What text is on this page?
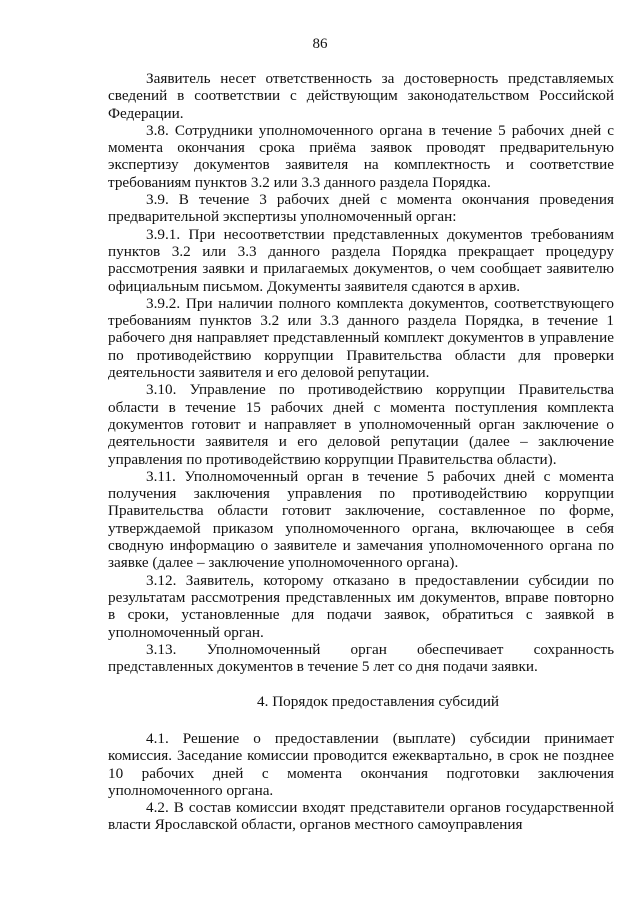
86

Заявитель несет ответственность за достоверность представляемых сведений в соответствии с действующим законодательством Российской Федерации.

3.8. Сотрудники уполномоченного органа в течение 5 рабочих дней с момента окончания срока приёма заявок проводят предварительную экспертизу документов заявителя на комплектность и соответствие требованиям пунктов 3.2 или 3.3 данного раздела Порядка.

3.9. В течение 3 рабочих дней с момента окончания проведения предварительной экспертизы уполномоченный орган:

3.9.1. При несоответствии представленных документов требованиям пунктов 3.2 или 3.3 данного раздела Порядка прекращает процедуру рассмотрения заявки и прилагаемых документов, о чем сообщает заявителю официальным письмом. Документы заявителя сдаются в архив.

3.9.2. При наличии полного комплекта документов, соответствующего требованиям пунктов 3.2 или 3.3 данного раздела Порядка, в течение 1 рабочего дня направляет представленный комплект документов в управление по противодействию коррупции Правительства области для проверки деятельности заявителя и его деловой репутации.

3.10. Управление по противодействию коррупции Правительства области в течение 15 рабочих дней с момента поступления комплекта документов готовит и направляет в уполномоченный орган заключение о деятельности заявителя и его деловой репутации (далее – заключение управления по противодействию коррупции Правительства области).

3.11. Уполномоченный орган в течение 5 рабочих дней с момента получения заключения управления по противодействию коррупции Правительства области готовит заключение, составленное по форме, утверждаемой приказом уполномоченного органа, включающее в себя сводную информацию о заявителе и замечания уполномоченного органа по заявке (далее – заключение уполномоченного органа).

3.12. Заявитель, которому отказано в предоставлении субсидии по результатам рассмотрения представленных им документов, вправе повторно в сроки, установленные для подачи заявок, обратиться с заявкой в уполномоченный орган.

3.13. Уполномоченный орган обеспечивает сохранность представленных документов в течение 5 лет со дня подачи заявки.

4. Порядок предоставления субсидий

4.1. Решение о предоставлении (выплате) субсидии принимает комиссия. Заседание комиссии проводится ежеквартально, в срок не позднее 10 рабочих дней с момента окончания подготовки заключения уполномоченного органа.

4.2. В состав комиссии входят представители органов государственной власти Ярославской области, органов местного самоуправления
